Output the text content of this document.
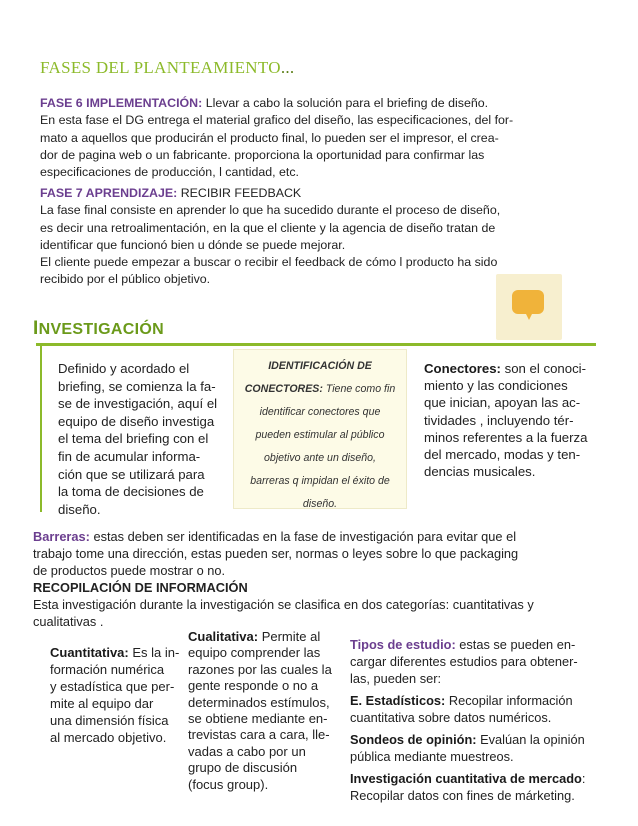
FASES DEL PLANTEAMIENTO...

FASE 6 IMPLEMENTACIÓN: Llevar a cabo la solución para el briefing de diseño.

En esta fase el DG entrega el material grafico del diseño, las especificaciones, del for-

mato a aquellos que producirán el producto final, lo pueden ser el impresor, el crea-

dor de pagina web o un fabricante. proporciona la oportunidad para confirmar las

especificaciones de producción, l cantidad, etc.

FASE 7 APRENDIZAJE: RECIBIR FEEDBACK

La fase final consiste en aprender lo que ha sucedido durante el proceso de diseño,

es decir una retroalimentación, en la que el cliente y la agencia de diseño tratan de

identificar que funcionó bien u dónde se puede mejorar.

El cliente puede empezar a buscar o recibir el feedback de cómo l producto ha sido

recibido por el público objetivo.

INVESTIGACIÓN
Definido y acordado el
briefing, se comienza la fa-
se de investigación, aquí el
equipo de diseño investiga
el tema del briefing con el
fin de acumular informa-
ción que se utilizará para
la toma de decisiones de
diseño.

IDENTIFICACIÓN DE

CONECTORES: Tiene como fin

identificar conectores que

pueden estimular al público

objetivo ante un diseño,

barreras q impidan el éxito de

diseño.

Conectores: son el conoci-
miento y las condiciones
que inician, apoyan las ac-
tividades , incluyendo tér-
minos referentes a la fuerza
del mercado, modas y ten-
dencias musicales.
Barreras: estas deben ser identificadas en la fase de investigación para evitar que el
trabajo tome una dirección, estas pueden ser, normas o leyes sobre lo que packaging
de productos puede mostrar o no.
RECOPILACIÓN DE INFORMACIÓN
Esta investigación durante la investigación se clasifica en dos categorías: cuantitativas y
cualitativas .
Cuantitativa: Es la in-
formación numérica
y estadística que per-
mite al equipo dar
una dimensión física
al mercado objetivo.
Cualitativa: Permite al
equipo comprender las
razones por las cuales la
gente responde o no a
determinados estímulos,
se obtiene mediante en-
trevistas cara a cara, lle-
vadas a cabo por un
grupo de discusión
(focus group).

Tipos de estudio: estas se pueden en-
cargar diferentes estudios para obtener-
las, pueden ser:

E. Estadísticos: Recopilar información cuantitativa sobre datos numéricos.

Sondeos de opinión: Evalúan la opinión pública mediante muestreos.

Investigación cuantitativa de mercado: Recopilar datos con fines de márketing.
